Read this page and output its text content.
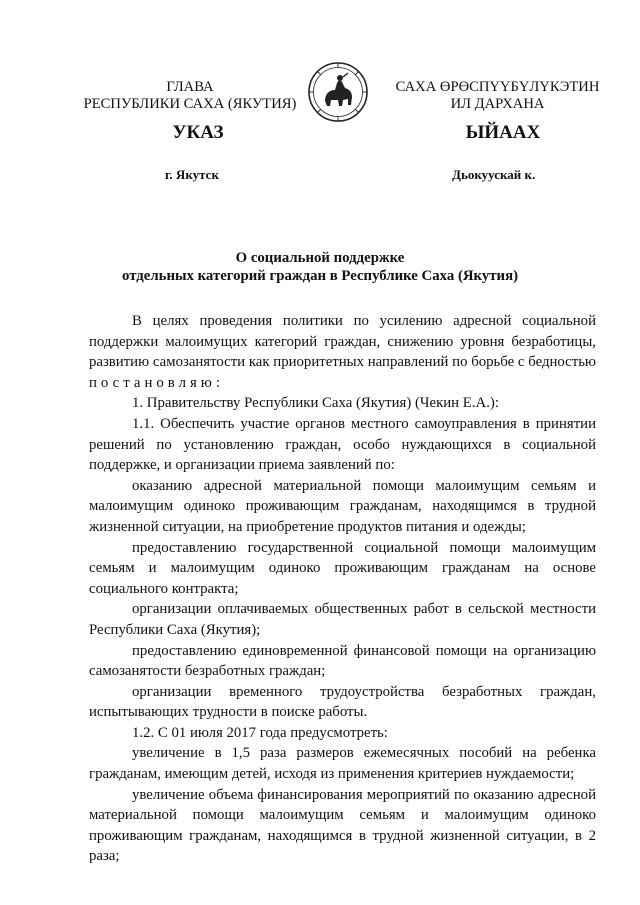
ГЛАВА
РЕСПУБЛИКИ САХА (ЯКУТИЯ)
САХА ӨРӨСПҮҮБҮЛҮКЭТИН
ИЛ ДАРХАНА
УКАЗ	ЫЙААХ
г. Якутск	Дьокуускай к.
О социальной поддержке
отдельных категорий граждан в Республике Саха (Якутия)

В целях проведения политики по усилению адресной социальной поддержки малоимущих категорий граждан, снижению уровня безработицы, развитию самозанятости как приоритетных направлений по борьбе с бедностью постановляю:

1. Правительству Республики Саха (Якутия) (Чекин Е.А.):

1.1. Обеспечить участие органов местного самоуправления в принятии решений по установлению граждан, особо нуждающихся в социальной поддержке, и организации приема заявлений по:

оказанию адресной материальной помощи малоимущим семьям и малоимущим одиноко проживающим гражданам, находящимся в трудной жизненной ситуации, на приобретение продуктов питания и одежды;

предоставлению государственной социальной помощи малоимущим семьям и малоимущим одиноко проживающим гражданам на основе социального контракта;

организации оплачиваемых общественных работ в сельской местности Республики Саха (Якутия);

предоставлению единовременной финансовой помощи на организацию самозанятости безработных граждан;

организации временного трудоустройства безработных граждан, испытывающих трудности в поиске работы.

1.2. С 01 июля 2017 года предусмотреть:

увеличение в 1,5 раза размеров ежемесячных пособий на ребенка гражданам, имеющим детей, исходя из применения критериев нуждаемости;

увеличение объема финансирования мероприятий по оказанию адресной материальной помощи малоимущим семьям и малоимущим одиноко проживающим гражданам, находящимся в трудной жизненной ситуации, в 2 раза;
